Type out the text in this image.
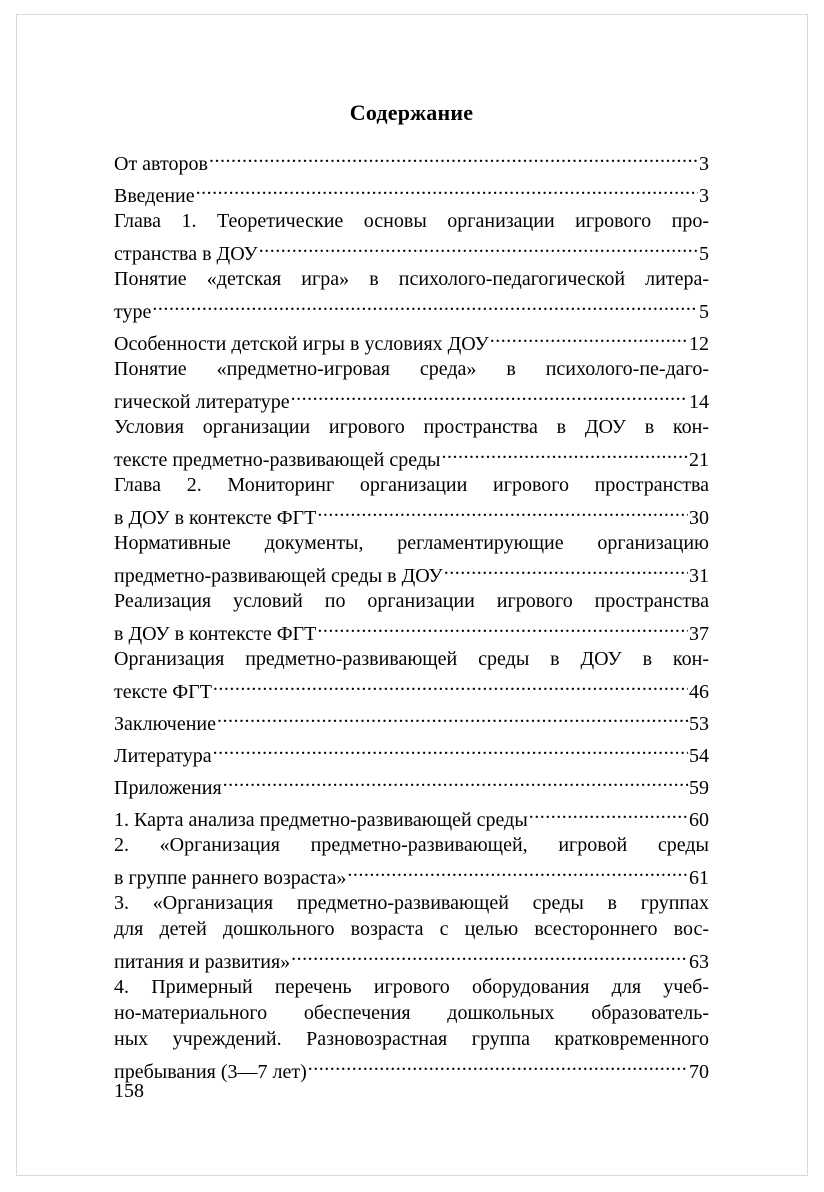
Содержание
От авторов .....	3
Введение .....	3
Глава 1. Теоретические основы организации игрового про-
странства в ДОУ .....	5
Понятие «детская игра» в психолого-педагогической литера-
туре .....	5
Особенности детской игры в условиях ДОУ .....	12
Понятие «предметно-игровая среда» в психолого-пе-даго-
гической литературе .....	14
Условия организации игрового пространства в ДОУ в кон-
тексте предметно-развивающей среды .....	21
Глава 2. Мониторинг организации игрового пространства
в ДОУ в контексте ФГТ .....	30
Нормативные документы, регламентирующие организацию
предметно-развивающей среды в ДОУ .....	31
Реализация условий по организации игрового пространства
в ДОУ в контексте ФГТ .....	37
Организация предметно-развивающей среды в ДОУ в кон-
тексте ФГТ .....	46
Заключение .....	53
Литература .....	54
Приложения .....	59
1. Карта анализа предметно-развивающей среды .....	60
2. «Организация предметно-развивающей, игровой среды
в группе раннего возраста» .....	61
3. «Организация предметно-развивающей среды в группах
для детей дошкольного возраста с целью всестороннего вос-
питания и развития» .....	63
4. Примерный перечень игрового оборудования для учеб-
но-материального обеспечения дошкольных образователь-
ных учреждений. Разновозрастная группа кратковременного
пребывания (3—7 лет) .....	70
158
